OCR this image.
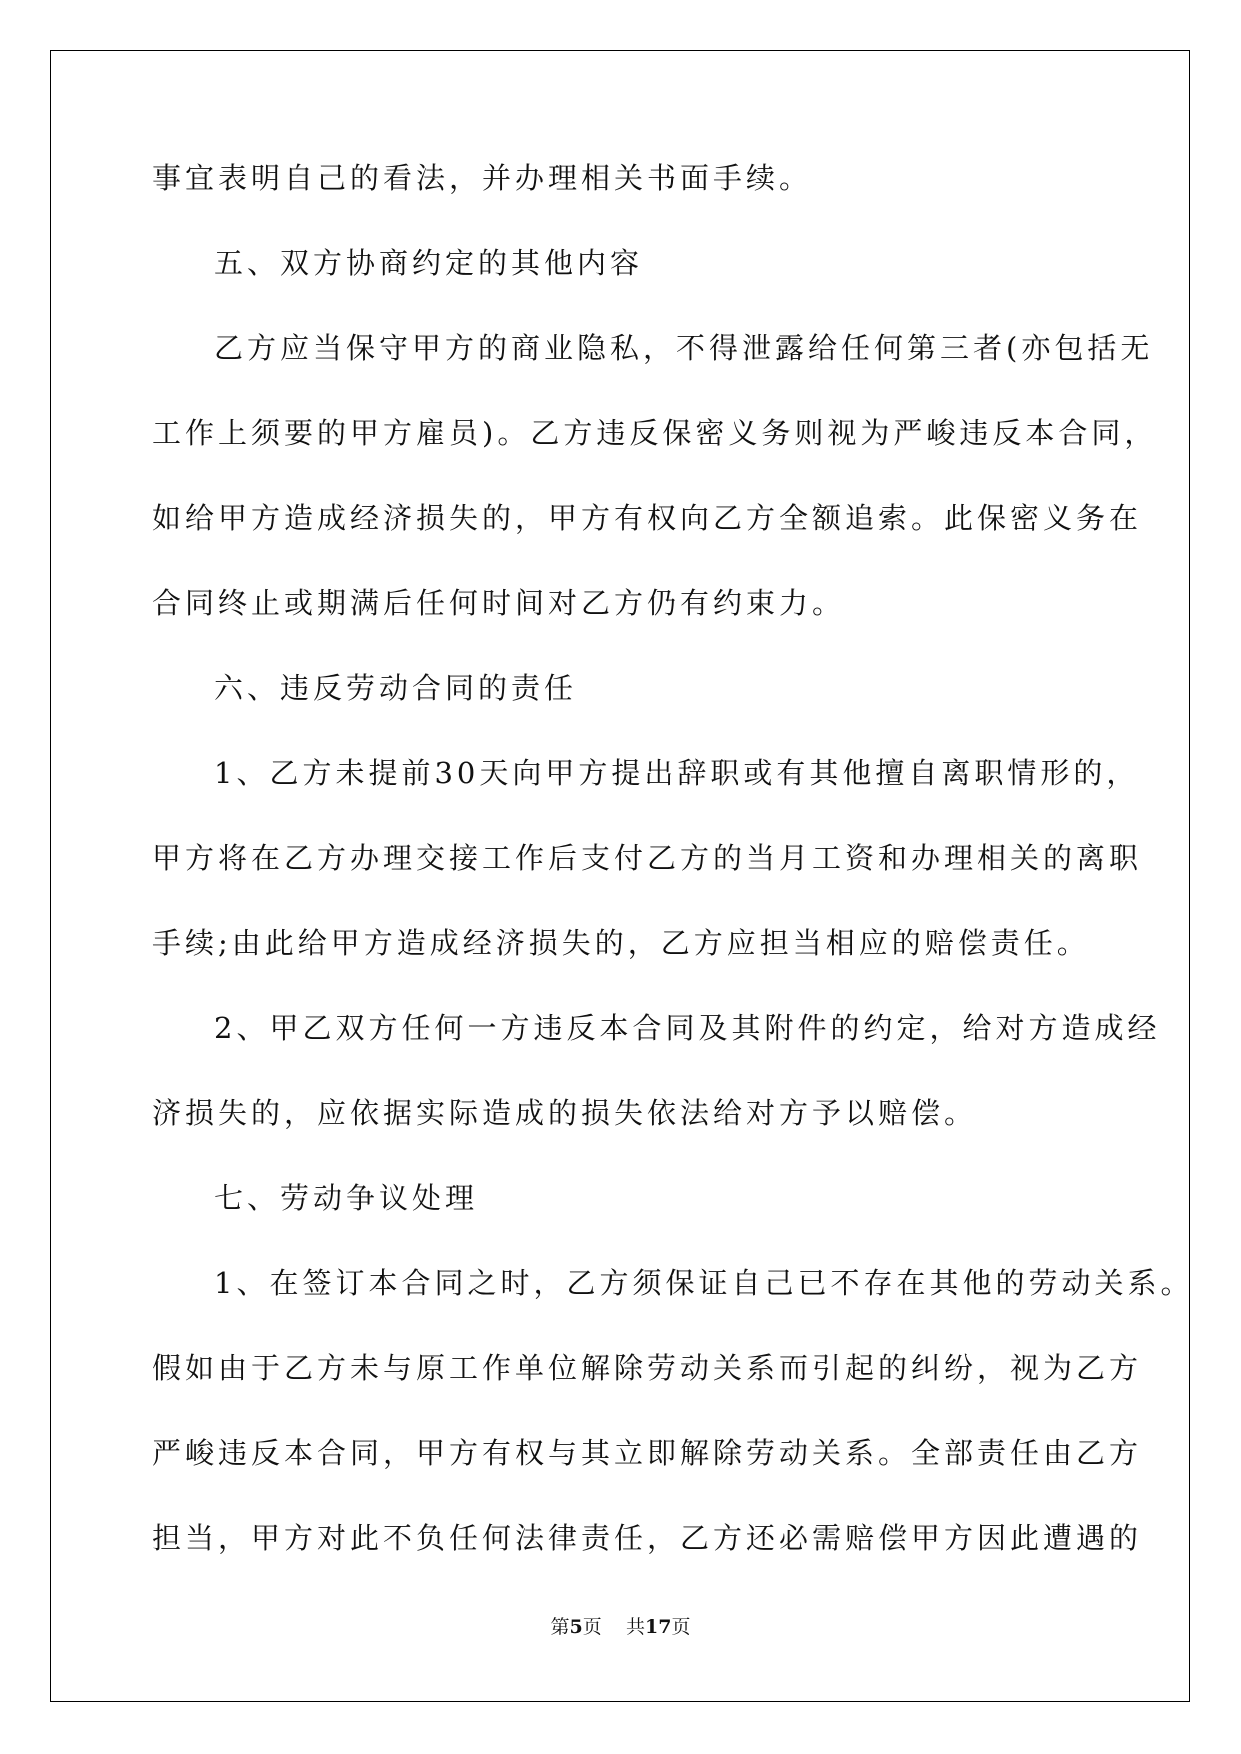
事宜表明自己的看法，并办理相关书面手续。
五、双方协商约定的其他内容
乙方应当保守甲方的商业隐私，不得泄露给任何第三者(亦包括无
工作上须要的甲方雇员)。乙方违反保密义务则视为严峻违反本合同，
如给甲方造成经济损失的，甲方有权向乙方全额追索。此保密义务在
合同终止或期满后任何时间对乙方仍有约束力。
六、违反劳动合同的责任
1、乙方未提前30天向甲方提出辞职或有其他擅自离职情形的，
甲方将在乙方办理交接工作后支付乙方的当月工资和办理相关的离职
手续;由此给甲方造成经济损失的，乙方应担当相应的赔偿责任。
2、甲乙双方任何一方违反本合同及其附件的约定，给对方造成经
济损失的，应依据实际造成的损失依法给对方予以赔偿。
七、劳动争议处理
1、在签订本合同之时，乙方须保证自己已不存在其他的劳动关系。
假如由于乙方未与原工作单位解除劳动关系而引起的纠纷，视为乙方
严峻违反本合同，甲方有权与其立即解除劳动关系。全部责任由乙方
担当，甲方对此不负任何法律责任，乙方还必需赔偿甲方因此遭遇的
第5页 共17页
